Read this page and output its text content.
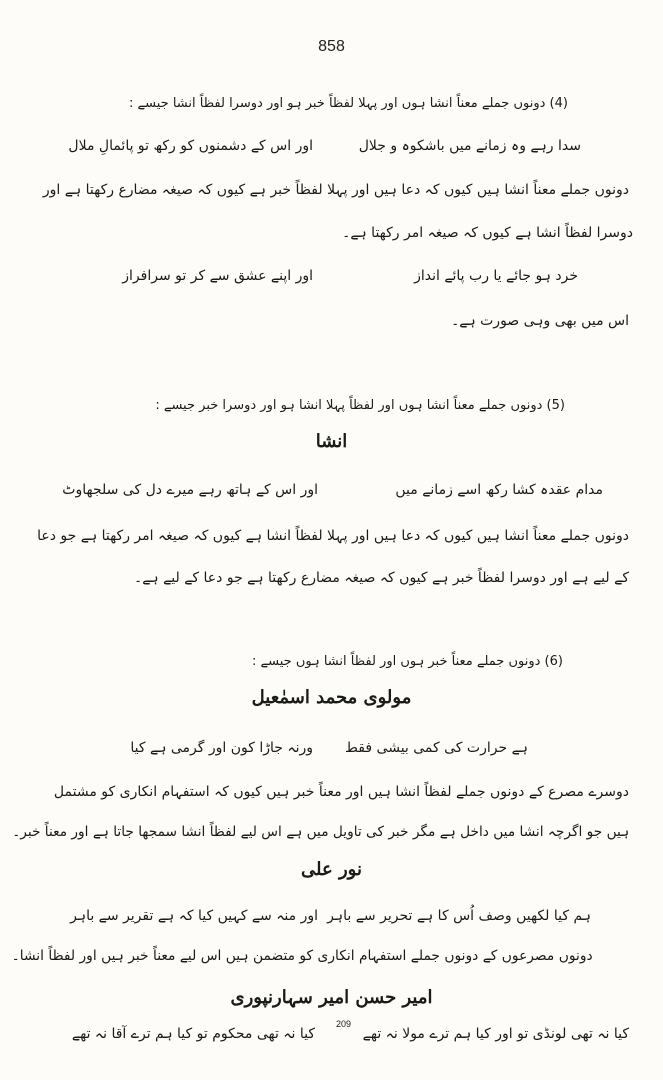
858
(4) دونوں جملے معناً انشا ہوں اور پہلا لفظاً خبر ہو اور دوسرا لفظاً انشا جیسے :
سدا رہے وہ زمانے میں باشکوہ و جلال
اور اس کے دشمنوں کو رکھ تو پائمالِ ملال
دونوں جملے معناً انشا ہیں کیوں کہ دعا ہیں اور پہلا لفظاً خبر ہے کیوں کہ صیغہ مضارع رکھتا ہے اور
دوسرا لفظاً انشا ہے کیوں کہ صیغہ امر رکھتا ہے۔
خرد ہو جائے یا رب پائے انداز
اور اپنے عشق سے کر تو سرافراز
اس میں بھی وہی صورت ہے۔
(5) دونوں جملے معناً انشا ہوں اور لفظاً پہلا انشا ہو اور دوسرا خبر جیسے :
انشا
مدام عقدہ کشا رکھ اسے زمانے میں
اور اس کے ہاتھ رہے میرے دل کی سلجھاوٹ
دونوں جملے معناً انشا ہیں کیوں کہ دعا ہیں اور پہلا لفظاً انشا ہے کیوں کہ صیغہ امر رکھتا ہے جو دعا
کے لیے ہے اور دوسرا لفظاً خبر ہے کیوں کہ صیغہ مضارع رکھتا ہے جو دعا کے لیے ہے۔
(6) دونوں جملے معناً خبر ہوں اور لفظاً انشا ہوں جیسے :
مولوی محمد اسمٰعیل
ہے حرارت کی کمی بیشی فقط
ورنہ جاڑا کون اور گرمی ہے کیا
دوسرے مصرع کے دونوں جملے لفظاً انشا ہیں اور معناً خبر ہیں کیوں کہ استفہام انکاری کو مشتمل
ہیں جو اگرچہ انشا میں داخل ہے مگر خبر کی تاویل میں ہے اس لیے لفظاً انشا سمجھا جاتا ہے اور معناً خبر۔
نور علی
ہم کیا لکھیں وصف اُس کا ہے تحریر سے باہر
اور منہ سے کہیں کیا کہ ہے تقریر سے باہر
دونوں مصرعوں کے دونوں جملے استفہام انکاری کو متضمن ہیں اس لیے معناً خبر ہیں اور لفظاً انشا۔
امیر حسن امیر سہارنپوری
کیا نہ تھی لونڈی تو اور کیا ہم ترے مولا نہ تھے
209
کیا نہ تھی محکوم تو کیا ہم ترے آقا نہ تھے
